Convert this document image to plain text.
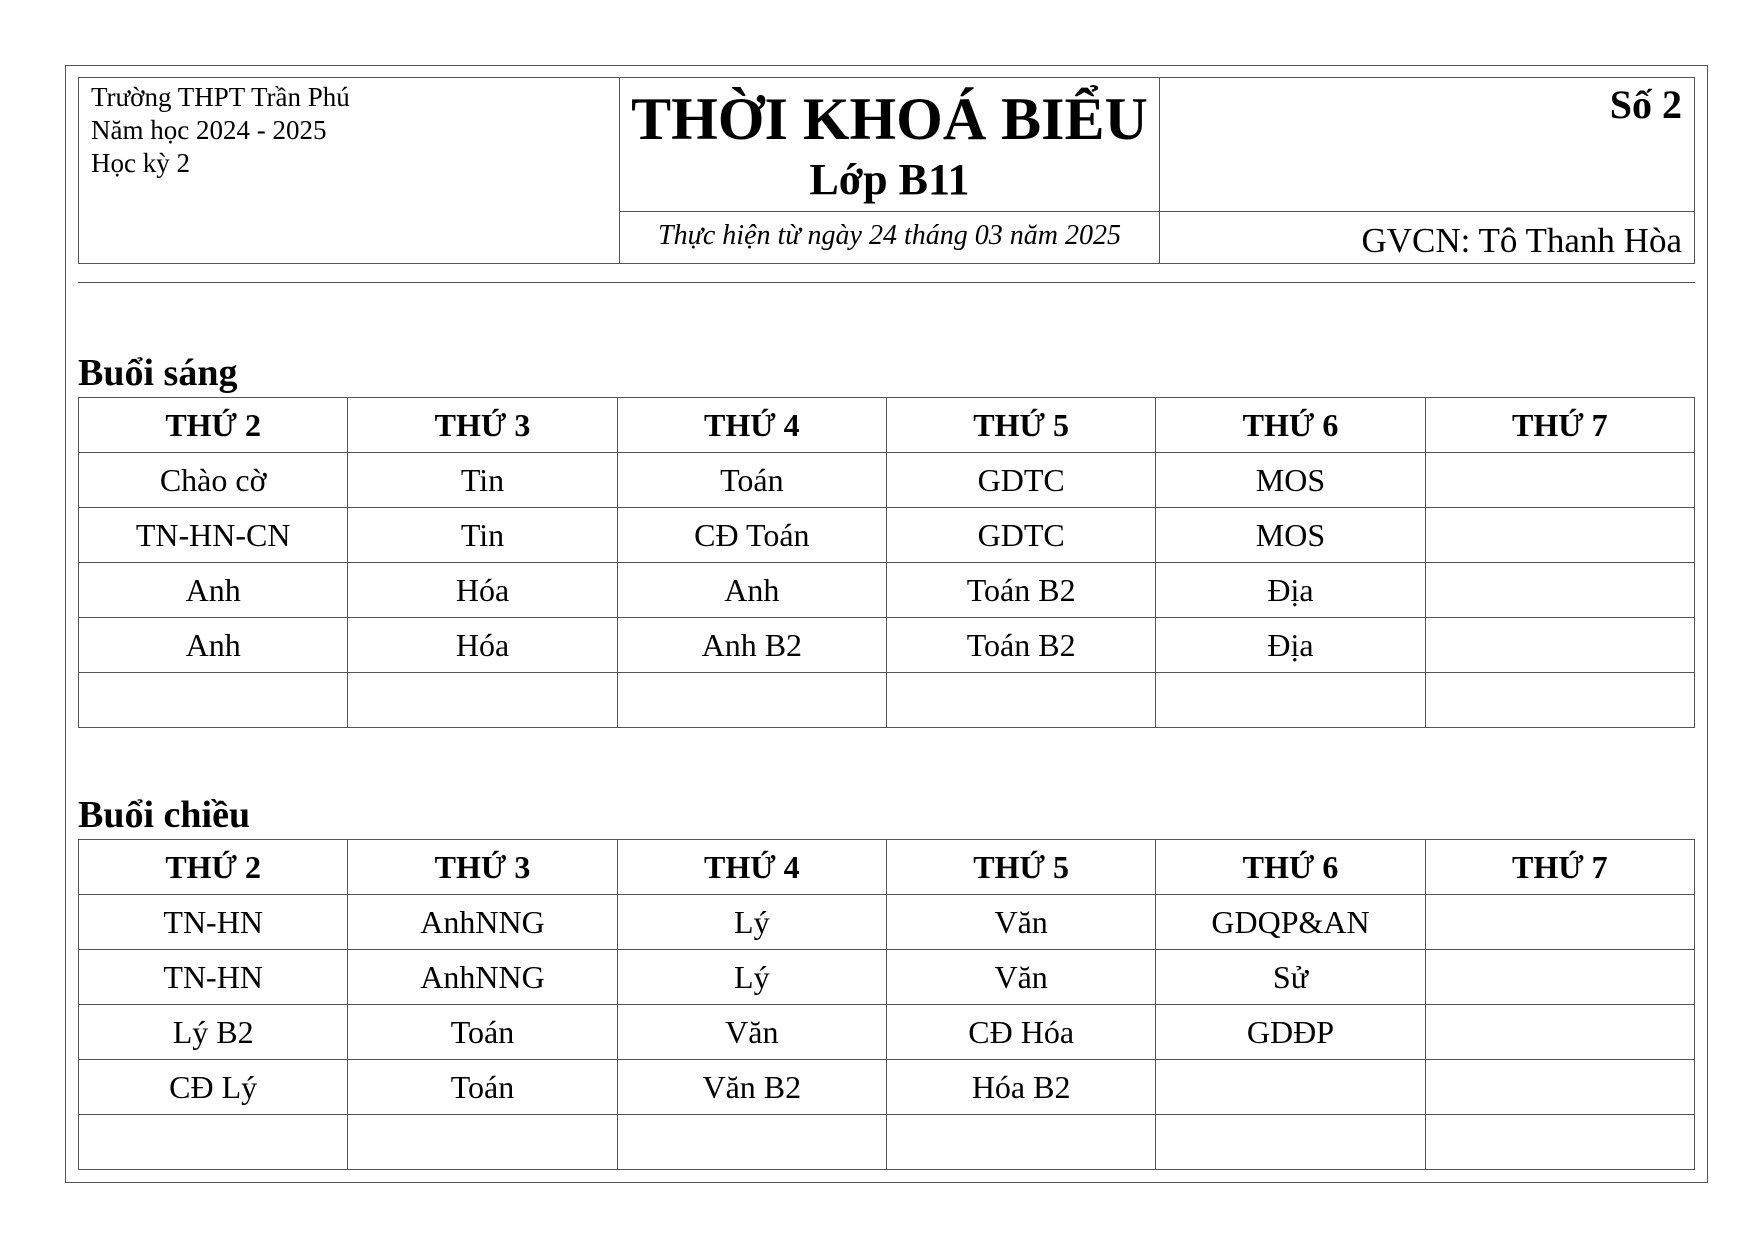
Trường THPT Trần Phú
Năm học 2024 - 2025
Học kỳ 2
THỜI KHOÁ BIỂU
Lớp B11
Thực hiện từ ngày 24 tháng 03 năm 2025
Số 2
GVCN: Tô Thanh Hòa
Buổi sáng
THỨ 2	THỨ 3	THỨ 4	THỨ 5	THỨ 6	THỨ 7
Chào cờ	Tin	Toán	GDTC	MOS	
TN-HN-CN	Tin	CĐ Toán	GDTC	MOS	
Anh	Hóa	Anh	Toán B2	Địa	
Anh	Hóa	Anh B2	Toán B2	Địa	

Buổi chiều
THỨ 2	THỨ 3	THỨ 4	THỨ 5	THỨ 6	THỨ 7
TN-HN	AnhNNG	Lý	Văn	GDQP&AN	
TN-HN	AnhNNG	Lý	Văn	Sử	
Lý B2	Toán	Văn	CĐ Hóa	GDĐP	
CĐ Lý	Toán	Văn B2	Hóa B2		
